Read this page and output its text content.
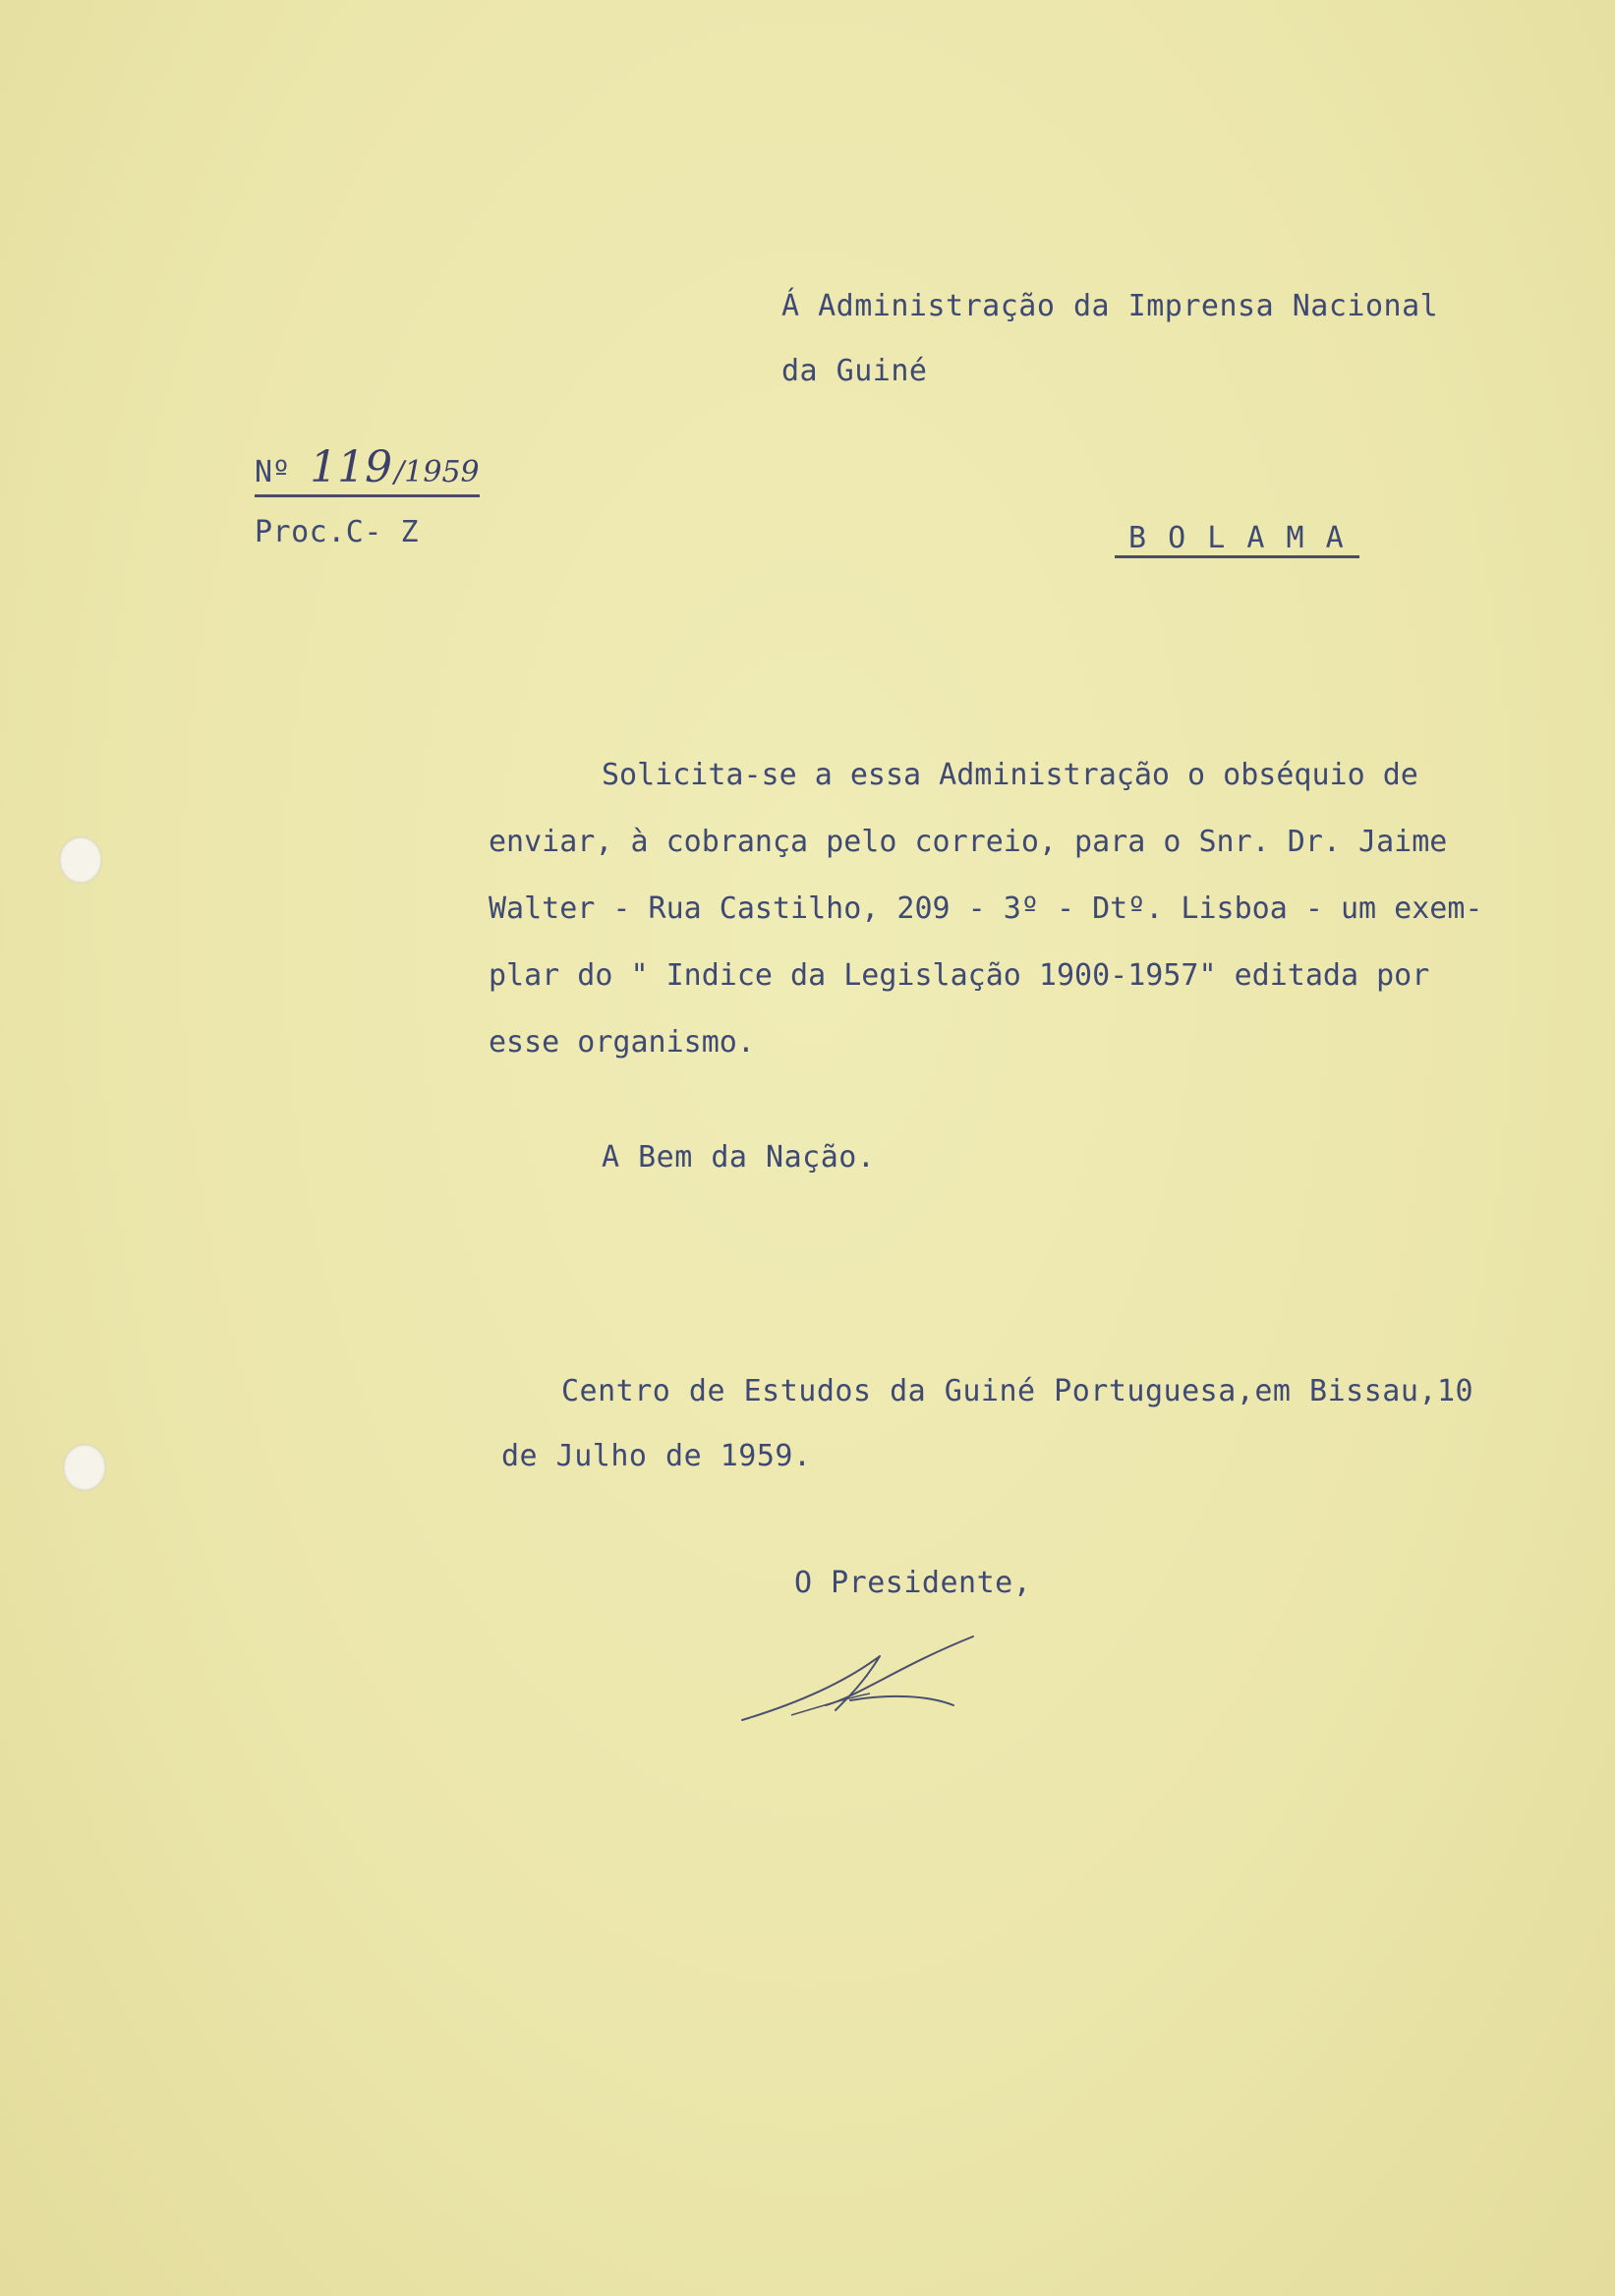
Á Administração da Imprensa Nacional
da Guiné
Nº 119/1959
Proc.C- Z	B O L A M A
Solicita-se a essa Administração o obséquio de
enviar, à cobrança pelo correio, para o Snr. Dr. Jaime
Walter - Rua Castilho, 209 - 3º - Dtº. Lisboa - um exem-
plar do " Indice da Legislação 1900-1957" editada por
esse organismo.
A Bem da Nação.
Centro de Estudos da Guiné Portuguesa,em Bissau,10
de Julho de 1959.
O Presidente,
